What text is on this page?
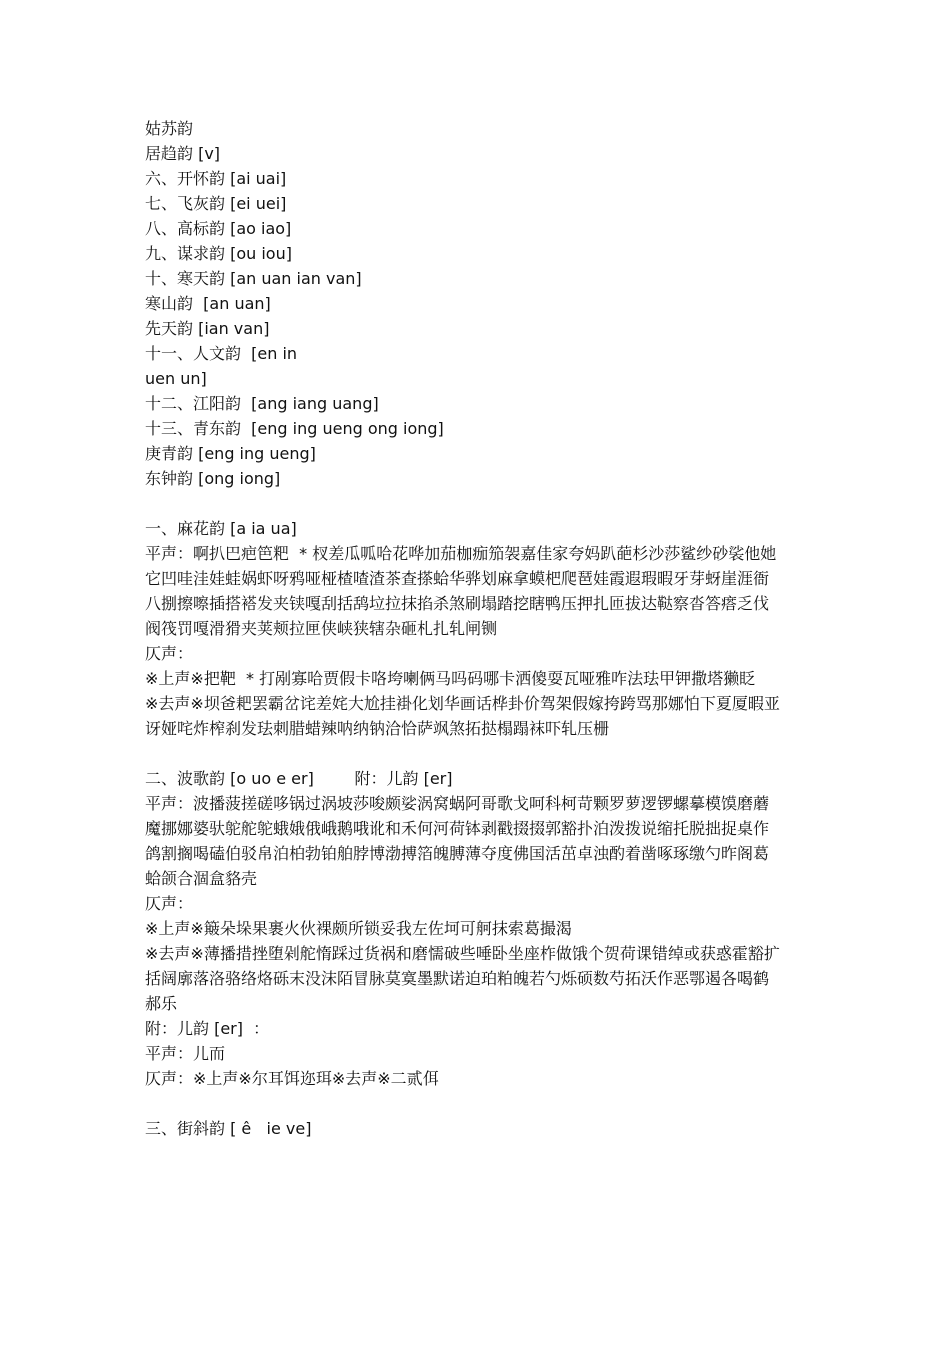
姑苏韵

居趋韵 [v]

六、开怀韵 [ai uai]

七、飞灰韵 [ei uei]

八、高标韵 [ao iao]

九、谋求韵 [ou iou]

十、寒天韵 [an uan ian van]

寒山韵  [an uan]

先天韵 [ian van]

十一、人文韵  [en in

uen un]

十二、江阳韵  [ang iang uang]

十三、青东韵  [eng ing ueng ong iong]

庚青韵 [eng ing ueng]

东钟韵 [ong iong]

一、麻花韵 [a ia ua]

平声：啊扒巴疤笆粑  * 杈差瓜呱哈花哗加茄枷痂笳袈嘉佳家夸妈趴葩杉沙莎鲨纱砂裟他她它凹哇洼娃蛙娲虾呀鸦哑桠楂喳渣茶查搽蛤华骅划麻拿蟆杷爬琶娃霞遐瑕暇牙芽蚜崖涯衙八捌擦嚓插搭褡发夹铗嘎刮括鸹垃拉抹掐杀煞刷塌踏挖瞎鸭压押扎匝拔达鞑察沓答瘩乏伐阀筏罚嘎滑猾夹荚颊拉匣侠峡狭辖杂砸札扎轧闸铡

仄声：

※上声※把靶  * 打剐寡哈贾假卡咯垮喇俩马吗码哪卡洒傻耍瓦哑雅咋法珐甲钾撒塔獭眨

※去声※坝爸耙罢霸岔诧差姹大尬挂褂化划华画话桦卦价驾架假嫁挎跨骂那娜怕下夏厦暇亚讶娅咤炸榨刹发珐刺腊蜡辣呐纳钠洽恰萨飒煞拓挞榻蹋袜吓轧压栅

二、波歌韵 [o uo e er]        附：儿韵 [er]

平声：波播菠搓磋哆锅过涡坡莎唆颇娑涡窝蜗阿哥歌戈呵科柯苛颗罗萝逻锣螺摹模馍磨蘑魔挪娜婆驮鸵舵鸵蛾娥俄峨鹅哦讹和禾何河荷钵剥戳掇掇郭豁扑泊泼拨说缩托脱拙捉桌作鸽割搁喝磕伯驳帛泊柏勃铂舶脖博渤搏箔魄膊薄夺度佛国活茁卓浊酌着凿啄琢缴勺昨阁葛蛤颌合涸盒貉壳

仄声：

※上声※簸朵垛果裹火伙裸颇所锁妥我左佐坷可舸抹索葛撮渴

※去声※薄播措挫堕剁舵惰踩过货祸和磨懦破些唾卧坐座柞做饿个贺荷课错绰或获惑霍豁扩括阔廓落洛骆络烙砾末没沫陌冒脉莫寞墨默诺迫珀粕魄若勺烁硕数芍拓沃作恶鄂遏各喝鹤郝乐

附：儿韵 [er]  ：

平声：儿而

仄声：※上声※尔耳饵迩珥※去声※二贰佴

三、街斜韵 [ ê   ie ve]
